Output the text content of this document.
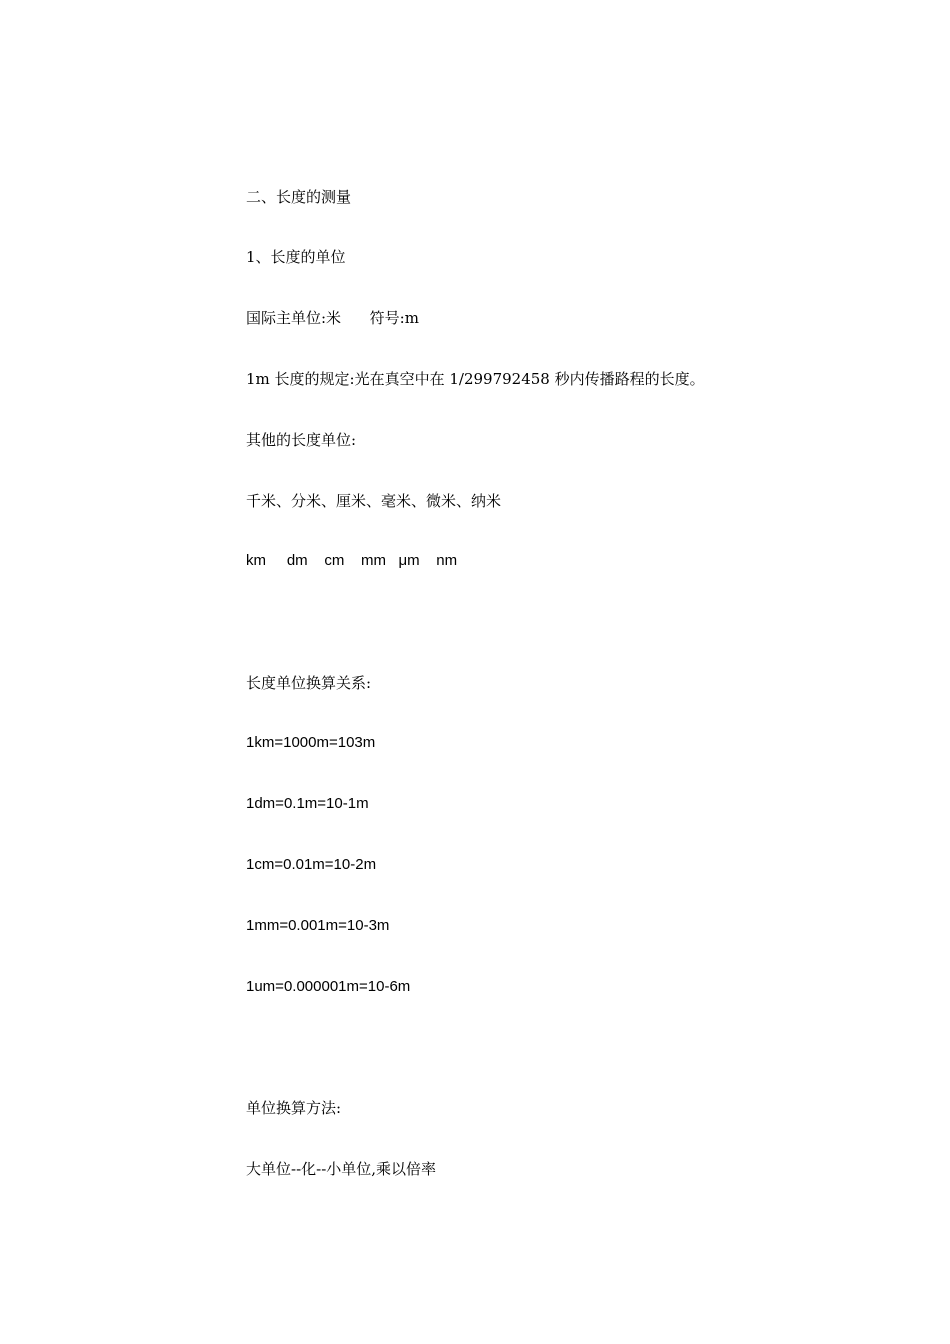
二、长度的测量
1、长度的单位
国际主单位:米      符号:m
1m 长度的规定:光在真空中在 1/299792458 秒内传播路程的长度。
其他的长度单位:
千米、分米、厘米、毫米、微米、纳米
km     dm    cm    mm   μm    nm
长度单位换算关系:
1km=1000m=103m
1dm=0.1m=10-1m
1cm=0.01m=10-2m
1mm=0.001m=10-3m
1um=0.000001m=10-6m
单位换算方法:
大单位--化--小单位,乘以倍率
